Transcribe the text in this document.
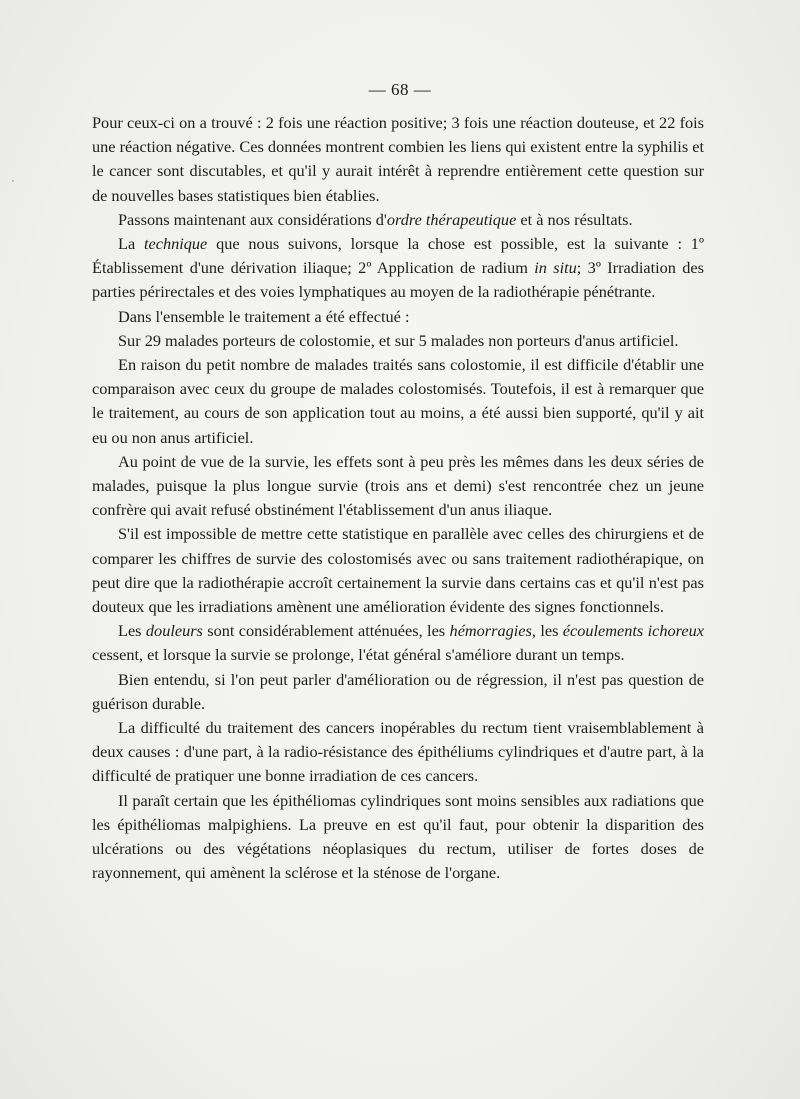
— 68 —

Pour ceux-ci on a trouvé : 2 fois une réaction positive; 3 fois une réaction douteuse, et 22 fois une réaction négative. Ces données montrent combien les liens qui existent entre la syphilis et le cancer sont discutables, et qu'il y aurait intérêt à reprendre entièrement cette question sur de nouvelles bases statistiques bien établies.

Passons maintenant aux considérations d'ordre thérapeutique et à nos résultats.

La technique que nous suivons, lorsque la chose est possible, est la suivante : 1º Établissement d'une dérivation iliaque; 2º Application de radium in situ; 3º Irradiation des parties périrectales et des voies lymphatiques au moyen de la radiothérapie pénétrante.

Dans l'ensemble le traitement a été effectué :

Sur 29 malades porteurs de colostomie, et sur 5 malades non porteurs d'anus artificiel.

En raison du petit nombre de malades traités sans colostomie, il est difficile d'établir une comparaison avec ceux du groupe de malades colostomisés. Toutefois, il est à remarquer que le traitement, au cours de son application tout au moins, a été aussi bien supporté, qu'il y ait eu ou non anus artificiel.

Au point de vue de la survie, les effets sont à peu près les mêmes dans les deux séries de malades, puisque la plus longue survie (trois ans et demi) s'est rencontrée chez un jeune confrère qui avait refusé obstinément l'établissement d'un anus iliaque.

S'il est impossible de mettre cette statistique en parallèle avec celles des chirurgiens et de comparer les chiffres de survie des colostomisés avec ou sans traitement radiothérapique, on peut dire que la radiothérapie accroît certainement la survie dans certains cas et qu'il n'est pas douteux que les irradiations amènent une amélioration évidente des signes fonctionnels.

Les douleurs sont considérablement atténuées, les hémorragies, les écoulements ichoreux cessent, et lorsque la survie se prolonge, l'état général s'améliore durant un temps.

Bien entendu, si l'on peut parler d'amélioration ou de régression, il n'est pas question de guérison durable.

La difficulté du traitement des cancers inopérables du rectum tient vraisemblablement à deux causes : d'une part, à la radio-résistance des épithéliums cylindriques et d'autre part, à la difficulté de pratiquer une bonne irradiation de ces cancers.

Il paraît certain que les épithéliomas cylindriques sont moins sensibles aux radiations que les épithéliomas malpighiens. La preuve en est qu'il faut, pour obtenir la disparition des ulcérations ou des végétations néoplasiques du rectum, utiliser de fortes doses de rayonnement, qui amènent la sclérose et la sténose de l'organe.
